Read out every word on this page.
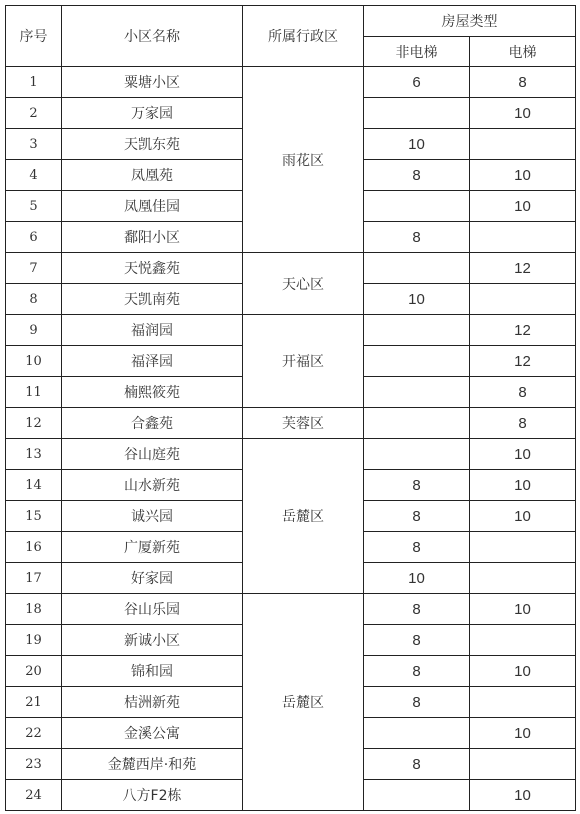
序号	小区名称	所属行政区	房屋类型	
			非电梯	电梯
1	粟塘小区	雨花区	6	8
2	万家园			10
3	天凯东苑		10	
4	凤凰苑		8	10
5	凤凰佳园			10
6	鄱阳小区		8	
7	天悦鑫苑	天心区		12
8	天凯南苑		10	
9	福润园	开福区		12
10	福泽园			12
11	楠熙筱苑			8
12	合鑫苑	芙蓉区		8
13	谷山庭苑	岳麓区		10
14	山水新苑		8	10
15	诚兴园		8	10
16	广厦新苑		8	
17	好家园		10	
18	谷山乐园	岳麓区	8	10
19	新诚小区		8	
20	锦和园		8	10
21	桔洲新苑		8	
22	金溪公寓			10
23	金麓西岸·和苑		8	
24	八方F2栋			10
